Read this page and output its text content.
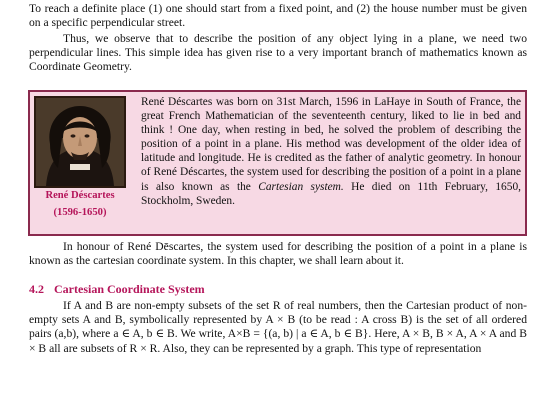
To reach a definite place (1) one should start from a fixed point, and (2) the house number must be given on a specific perpendicular street.

Thus, we observe that to describe the position of any object lying in a plane, we need two perpendicular lines. This simple idea has given rise to a very important branch of mathematics known as Coordinate Geometry.

René Déscartes was born on 31st March, 1596 in LaHaye in South of France, the great French Mathematician of the seventeenth century, liked to lie in bed and think ! One day, when resting in bed, he solved the problem of describing the position of a point in a plane. His method was development of the older idea of latitude and longitude. He is credited as the father of analytic geometry. In honour of René Déscartes, the system used for describing the position of a point in a plane is also known as the Cartesian system. He died on 11th February, 1650, Stockholm, Sweden.

René Déscartes
(1596-1650)

In honour of René Dēscartes, the system used for describing the position of a point in a plane is known as the cartesian coordinate system. In this chapter, we shall learn about it.

4.2 Cartesian Coordinate System

If A and B are non-empty subsets of the set R of real numbers, then the Cartesian product of non-empty sets A and B, symbolically represented by A × B (to be read : A cross B) is the set of all ordered pairs (a,b), where a ∈ A, b ∈ B. We write, A×B = {(a, b) | a ∈ A, b ∈ B}. Here, A × B, B × A, A × A and B × B all are subsets of R × R. Also, they can be represented by a graph. This type of representation
